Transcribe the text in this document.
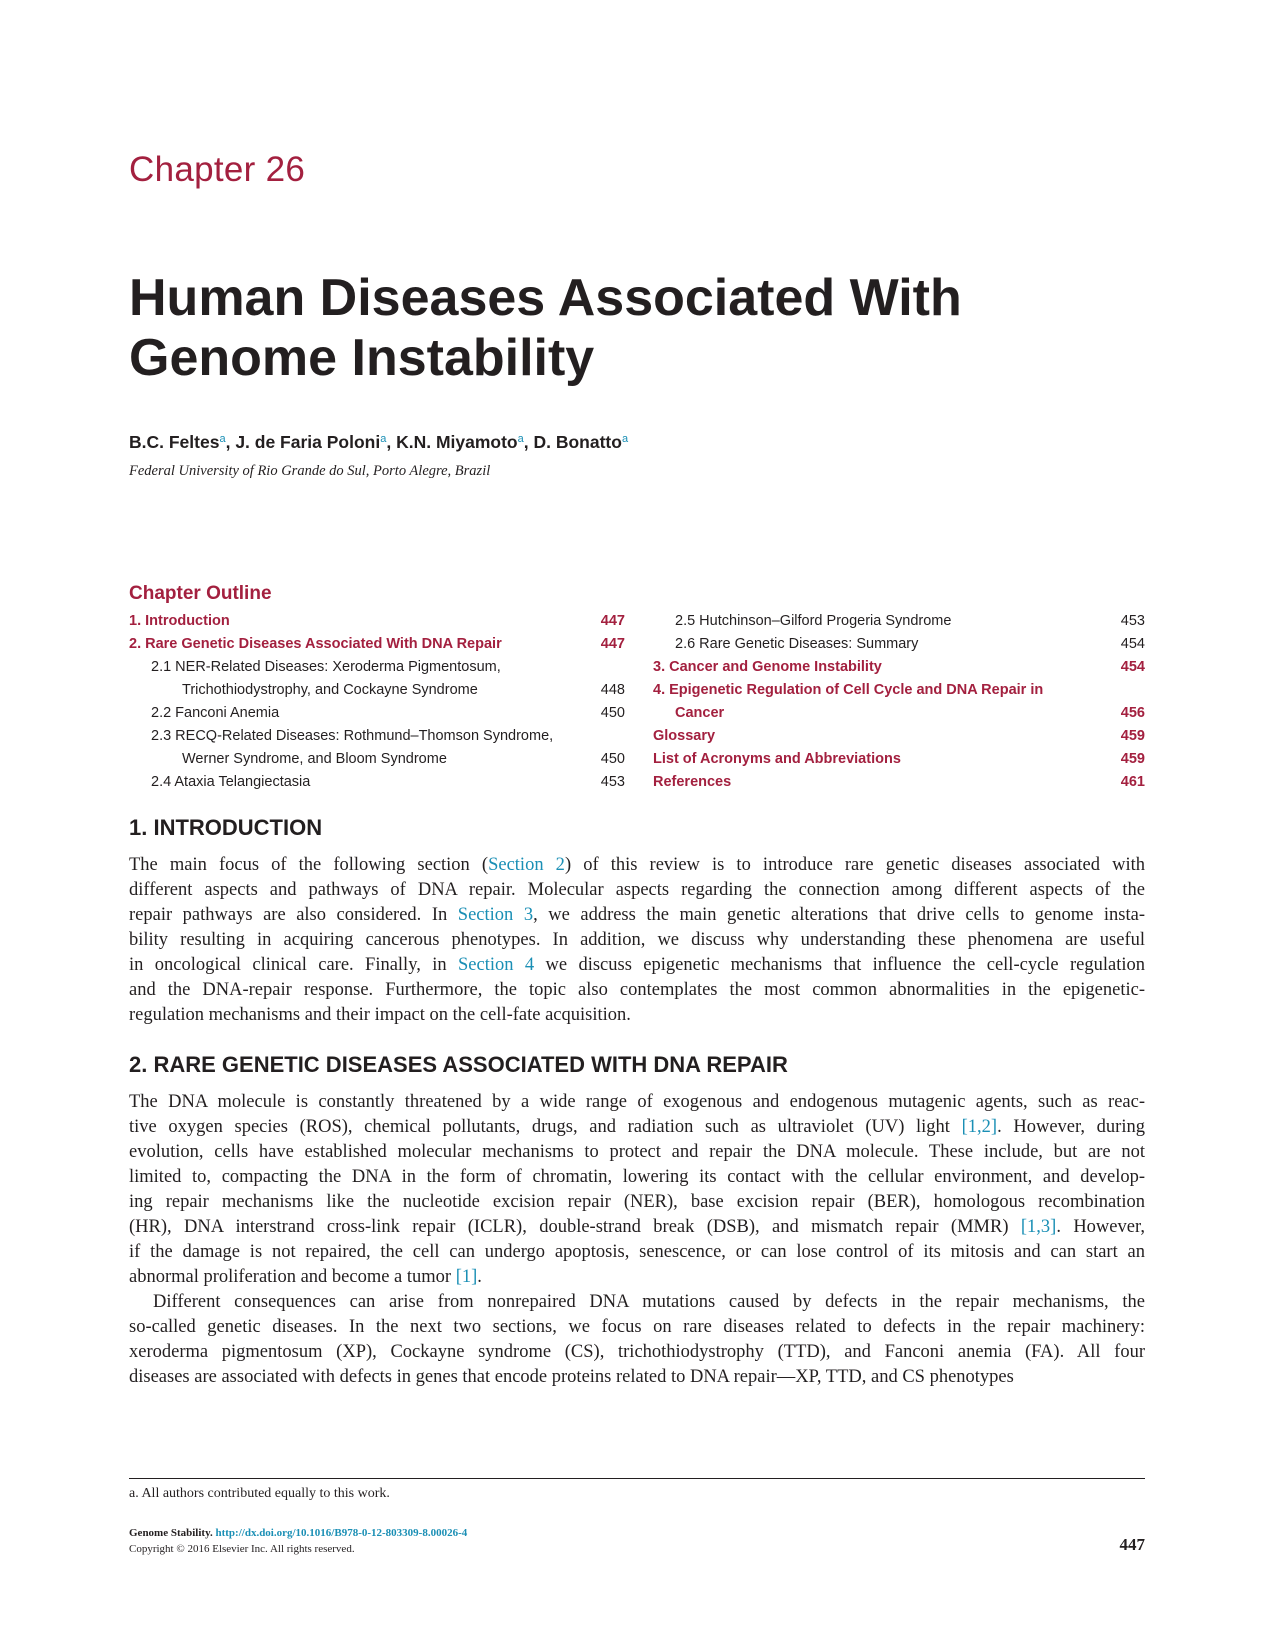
Chapter 26
Human Diseases Associated With Genome Instability
B.C. Feltes$^a$, J. de Faria Poloni$^a$, K.N. Miyamoto$^a$, D. Bonatto$^a$
Federal University of Rio Grande do Sul, Porto Alegre, Brazil
Chapter Outline
1. Introduction	447
2. Rare Genetic Diseases Associated With DNA Repair	447
2.1 NER-Related Diseases: Xeroderma Pigmentosum,
Trichothiodystrophy, and Cockayne Syndrome	448
2.2 Fanconi Anemia	450
2.3 RECQ-Related Diseases: Rothmund–Thomson Syndrome,
Werner Syndrome, and Bloom Syndrome	450
2.4 Ataxia Telangiectasia	453
2.5 Hutchinson–Gilford Progeria Syndrome	453
2.6 Rare Genetic Diseases: Summary	454
3. Cancer and Genome Instability	454
4. Epigenetic Regulation of Cell Cycle and DNA Repair in
Cancer	456
Glossary	459
List of Acronyms and Abbreviations	459
References	461
1. INTRODUCTION
The main focus of the following section (Section 2) of this review is to introduce rare genetic diseases associated with
different aspects and pathways of DNA repair. Molecular aspects regarding the connection among different aspects of the
repair pathways are also considered. In Section 3, we address the main genetic alterations that drive cells to genome insta-
bility resulting in acquiring cancerous phenotypes. In addition, we discuss why understanding these phenomena are useful
in oncological clinical care. Finally, in Section 4 we discuss epigenetic mechanisms that influence the cell-cycle regulation
and the DNA-repair response. Furthermore, the topic also contemplates the most common abnormalities in the epigenetic-
regulation mechanisms and their impact on the cell-fate acquisition.
2. RARE GENETIC DISEASES ASSOCIATED WITH DNA REPAIR
The DNA molecule is constantly threatened by a wide range of exogenous and endogenous mutagenic agents, such as reac-
tive oxygen species (ROS), chemical pollutants, drugs, and radiation such as ultraviolet (UV) light [1,2]. However, during
evolution, cells have established molecular mechanisms to protect and repair the DNA molecule. These include, but are not
limited to, compacting the DNA in the form of chromatin, lowering its contact with the cellular environment, and develop-
ing repair mechanisms like the nucleotide excision repair (NER), base excision repair (BER), homologous recombination
(HR), DNA interstrand cross-link repair (ICLR), double-strand break (DSB), and mismatch repair (MMR) [1,3]. However,
if the damage is not repaired, the cell can undergo apoptosis, senescence, or can lose control of its mitosis and can start an
abnormal proliferation and become a tumor [1].
Different consequences can arise from nonrepaired DNA mutations caused by defects in the repair mechanisms, the
so-called genetic diseases. In the next two sections, we focus on rare diseases related to defects in the repair machinery:
xeroderma pigmentosum (XP), Cockayne syndrome (CS), trichothiodystrophy (TTD), and Fanconi anemia (FA). All four
diseases are associated with defects in genes that encode proteins related to DNA repair—XP, TTD, and CS phenotypes
a. All authors contributed equally to this work.
Genome Stability. http://dx.doi.org/10.1016/B978-0-12-803309-8.00026-4
Copyright © 2016 Elsevier Inc. All rights reserved.	447
